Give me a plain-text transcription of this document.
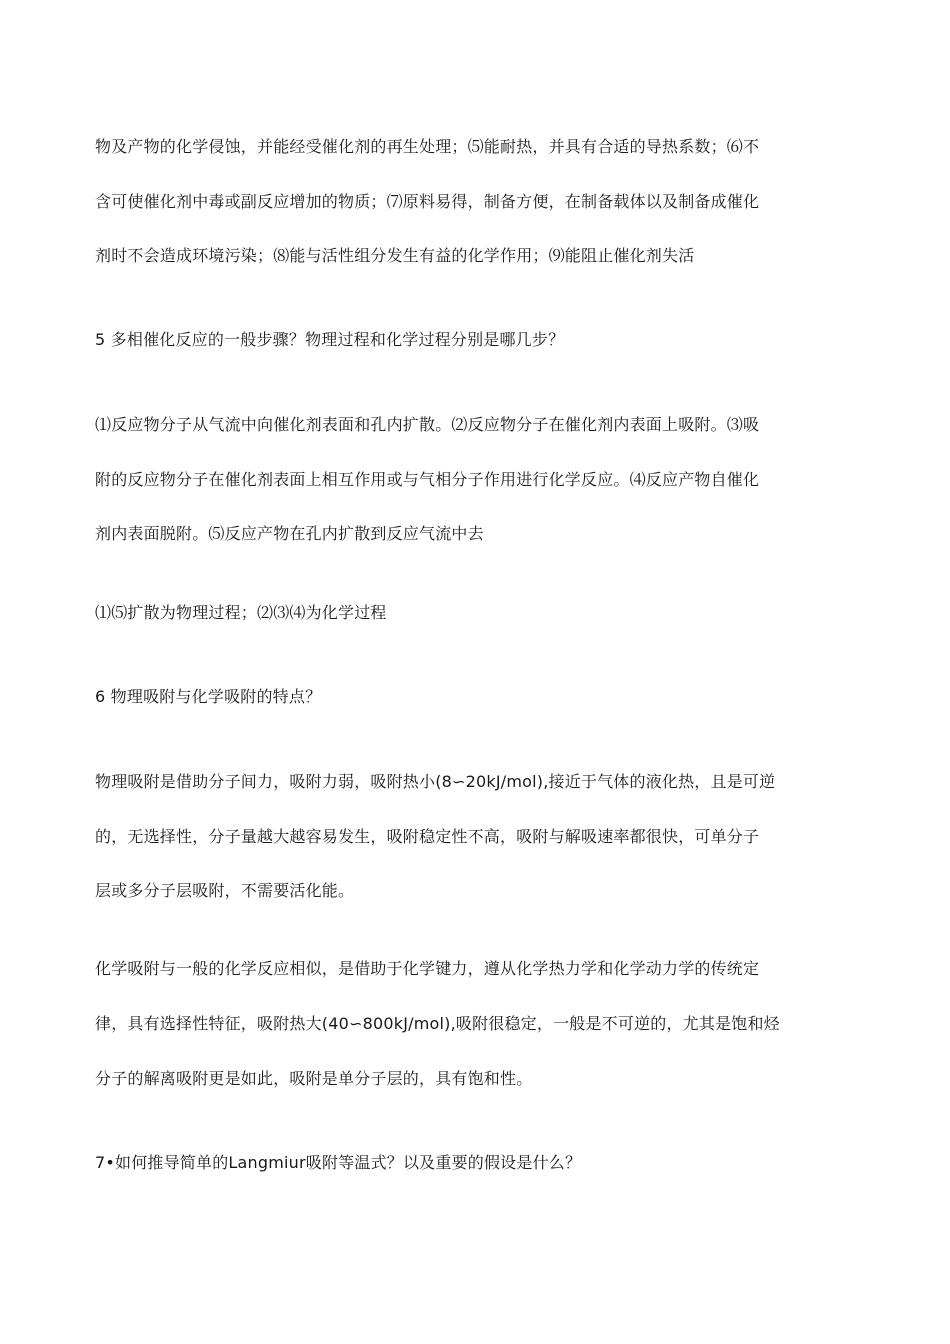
物及产物的化学侵蚀，并能经受催化剂的再生处理；⑸能耐热，并具有合适的导热系数；⑹不
含可使催化剂中毒或副反应增加的物质；⑺原料易得，制备方便，在制备载体以及制备成催化
剂时不会造成环境污染；⑻能与活性组分发生有益的化学作用；⑼能阻止催化剂失活
5 多相催化反应的一般步骤？物理过程和化学过程分别是哪几步？
⑴反应物分子从气流中向催化剂表面和孔内扩散。⑵反应物分子在催化剂内表面上吸附。⑶吸
附的反应物分子在催化剂表面上相互作用或与气相分子作用进行化学反应。⑷反应产物自催化
剂内表面脱附。⑸反应产物在孔内扩散到反应气流中去
⑴⑸扩散为物理过程；⑵⑶⑷为化学过程
6 物理吸附与化学吸附的特点？
物理吸附是借助分子间力，吸附力弱，吸附热小(8∽20kJ/mol),接近于气体的液化热，且是可逆
的，无选择性，分子量越大越容易发生，吸附稳定性不高，吸附与解吸速率都很快，可单分子
层或多分子层吸附，不需要活化能。
化学吸附与一般的化学反应相似，是借助于化学键力，遵从化学热力学和化学动力学的传统定
律，具有选择性特征，吸附热大(40∽800kJ/mol),吸附很稳定，一般是不可逆的，尤其是饱和烃
分子的解离吸附更是如此，吸附是单分子层的，具有饱和性。
7•如何推导简单的Langmiur吸附等温式？以及重要的假设是什么？
